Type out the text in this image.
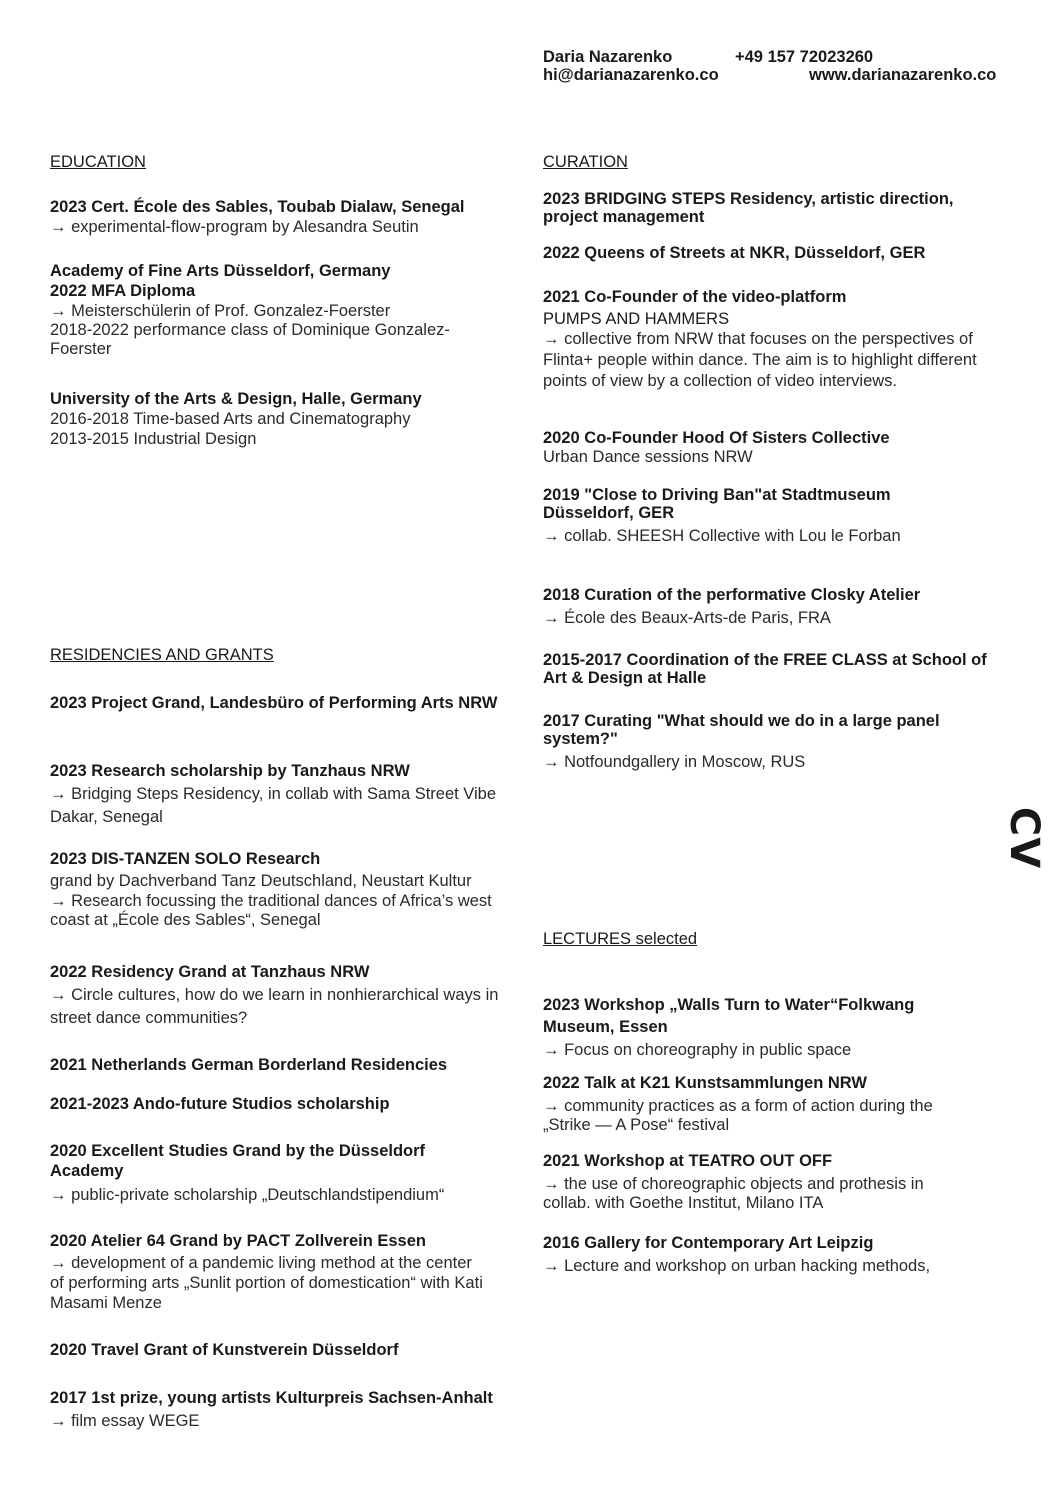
Daria Nazarenko	+49 157 72023260
hi@darianazarenko.co	www.darianazarenko.co
CV
EDUCATION
2023 Cert. École des Sables, Toubab Dialaw, Senegal
→ experimental-flow-program by Alesandra Seutin
Academy of Fine Arts Düsseldorf, Germany
2022 MFA Diploma
→ Meisterschülerin of Prof. Gonzalez-Foerster
2018-2022 performance class of Dominique Gonzalez-Foerster
University of the Arts & Design, Halle, Germany
2016-2018 Time-based Arts and Cinematography
2013-2015 Industrial Design
RESIDENCIES AND GRANTS
2023 Project Grand, Landesbüro of Performing Arts NRW
2023 Research scholarship by Tanzhaus NRW
→ Bridging Steps Residency, in collab with Sama Street Vibe Dakar, Senegal
2023 DIS-TANZEN SOLO Research
grand by Dachverband Tanz Deutschland, Neustart Kultur
→ Research focussing the traditional dances of Africa’s west coast at „École des Sables“, Senegal
2022 Residency Grand at Tanzhaus NRW
→ Circle cultures, how do we learn in nonhierarchical ways in street dance communities?
2021 Netherlands German Borderland Residencies
2021-2023 Ando-future Studios scholarship
2020 Excellent Studies Grand by the Düsseldorf Academy
→ public-private scholarship „Deutschlandstipendium“
2020 Atelier 64 Grand by PACT Zollverein Essen
→ development of a pandemic living method at the center of performing arts „Sunlit portion of domestication“ with Kati Masami Menze
2020 Travel Grant of Kunstverein Düsseldorf
2017 1st prize, young artists Kulturpreis Sachsen-Anhalt
→ film essay WEGE
CURATION
2023 BRIDGING STEPS Residency, artistic direction, project management
2022 Queens of Streets at NKR, Düsseldorf, GER
2021 Co-Founder of the video-platform
PUMPS AND HAMMERS
→ collective from NRW that focuses on the perspectives of Flinta+ people within dance. The aim is to highlight different points of view by a collection of video interviews.
2020 Co-Founder Hood Of Sisters Collective
Urban Dance sessions NRW
2019 "Close to Driving Ban"at Stadtmuseum Düsseldorf, GER
→ collab. SHEESH Collective with Lou le Forban
2018 Curation of the performative Closky Atelier
→ École des Beaux-Arts-de Paris, FRA
2015-2017 Coordination of the FREE CLASS at School of Art & Design at Halle
2017 Curating "What should we do in a large panel system?"
→ Notfoundgallery in Moscow, RUS
LECTURES selected
2023 Workshop „Walls Turn to Water“Folkwang Museum, Essen
→ Focus on choreography in public space
2022 Talk at K21 Kunstsammlungen NRW
→ community practices as a form of action during the „Strike — A Pose“ festival
2021 Workshop at TEATRO OUT OFF
→ the use of choreographic objects and prothesis in collab. with Goethe Institut, Milano ITA
2016 Gallery for Contemporary Art Leipzig
→ Lecture and workshop on urban hacking methods,
